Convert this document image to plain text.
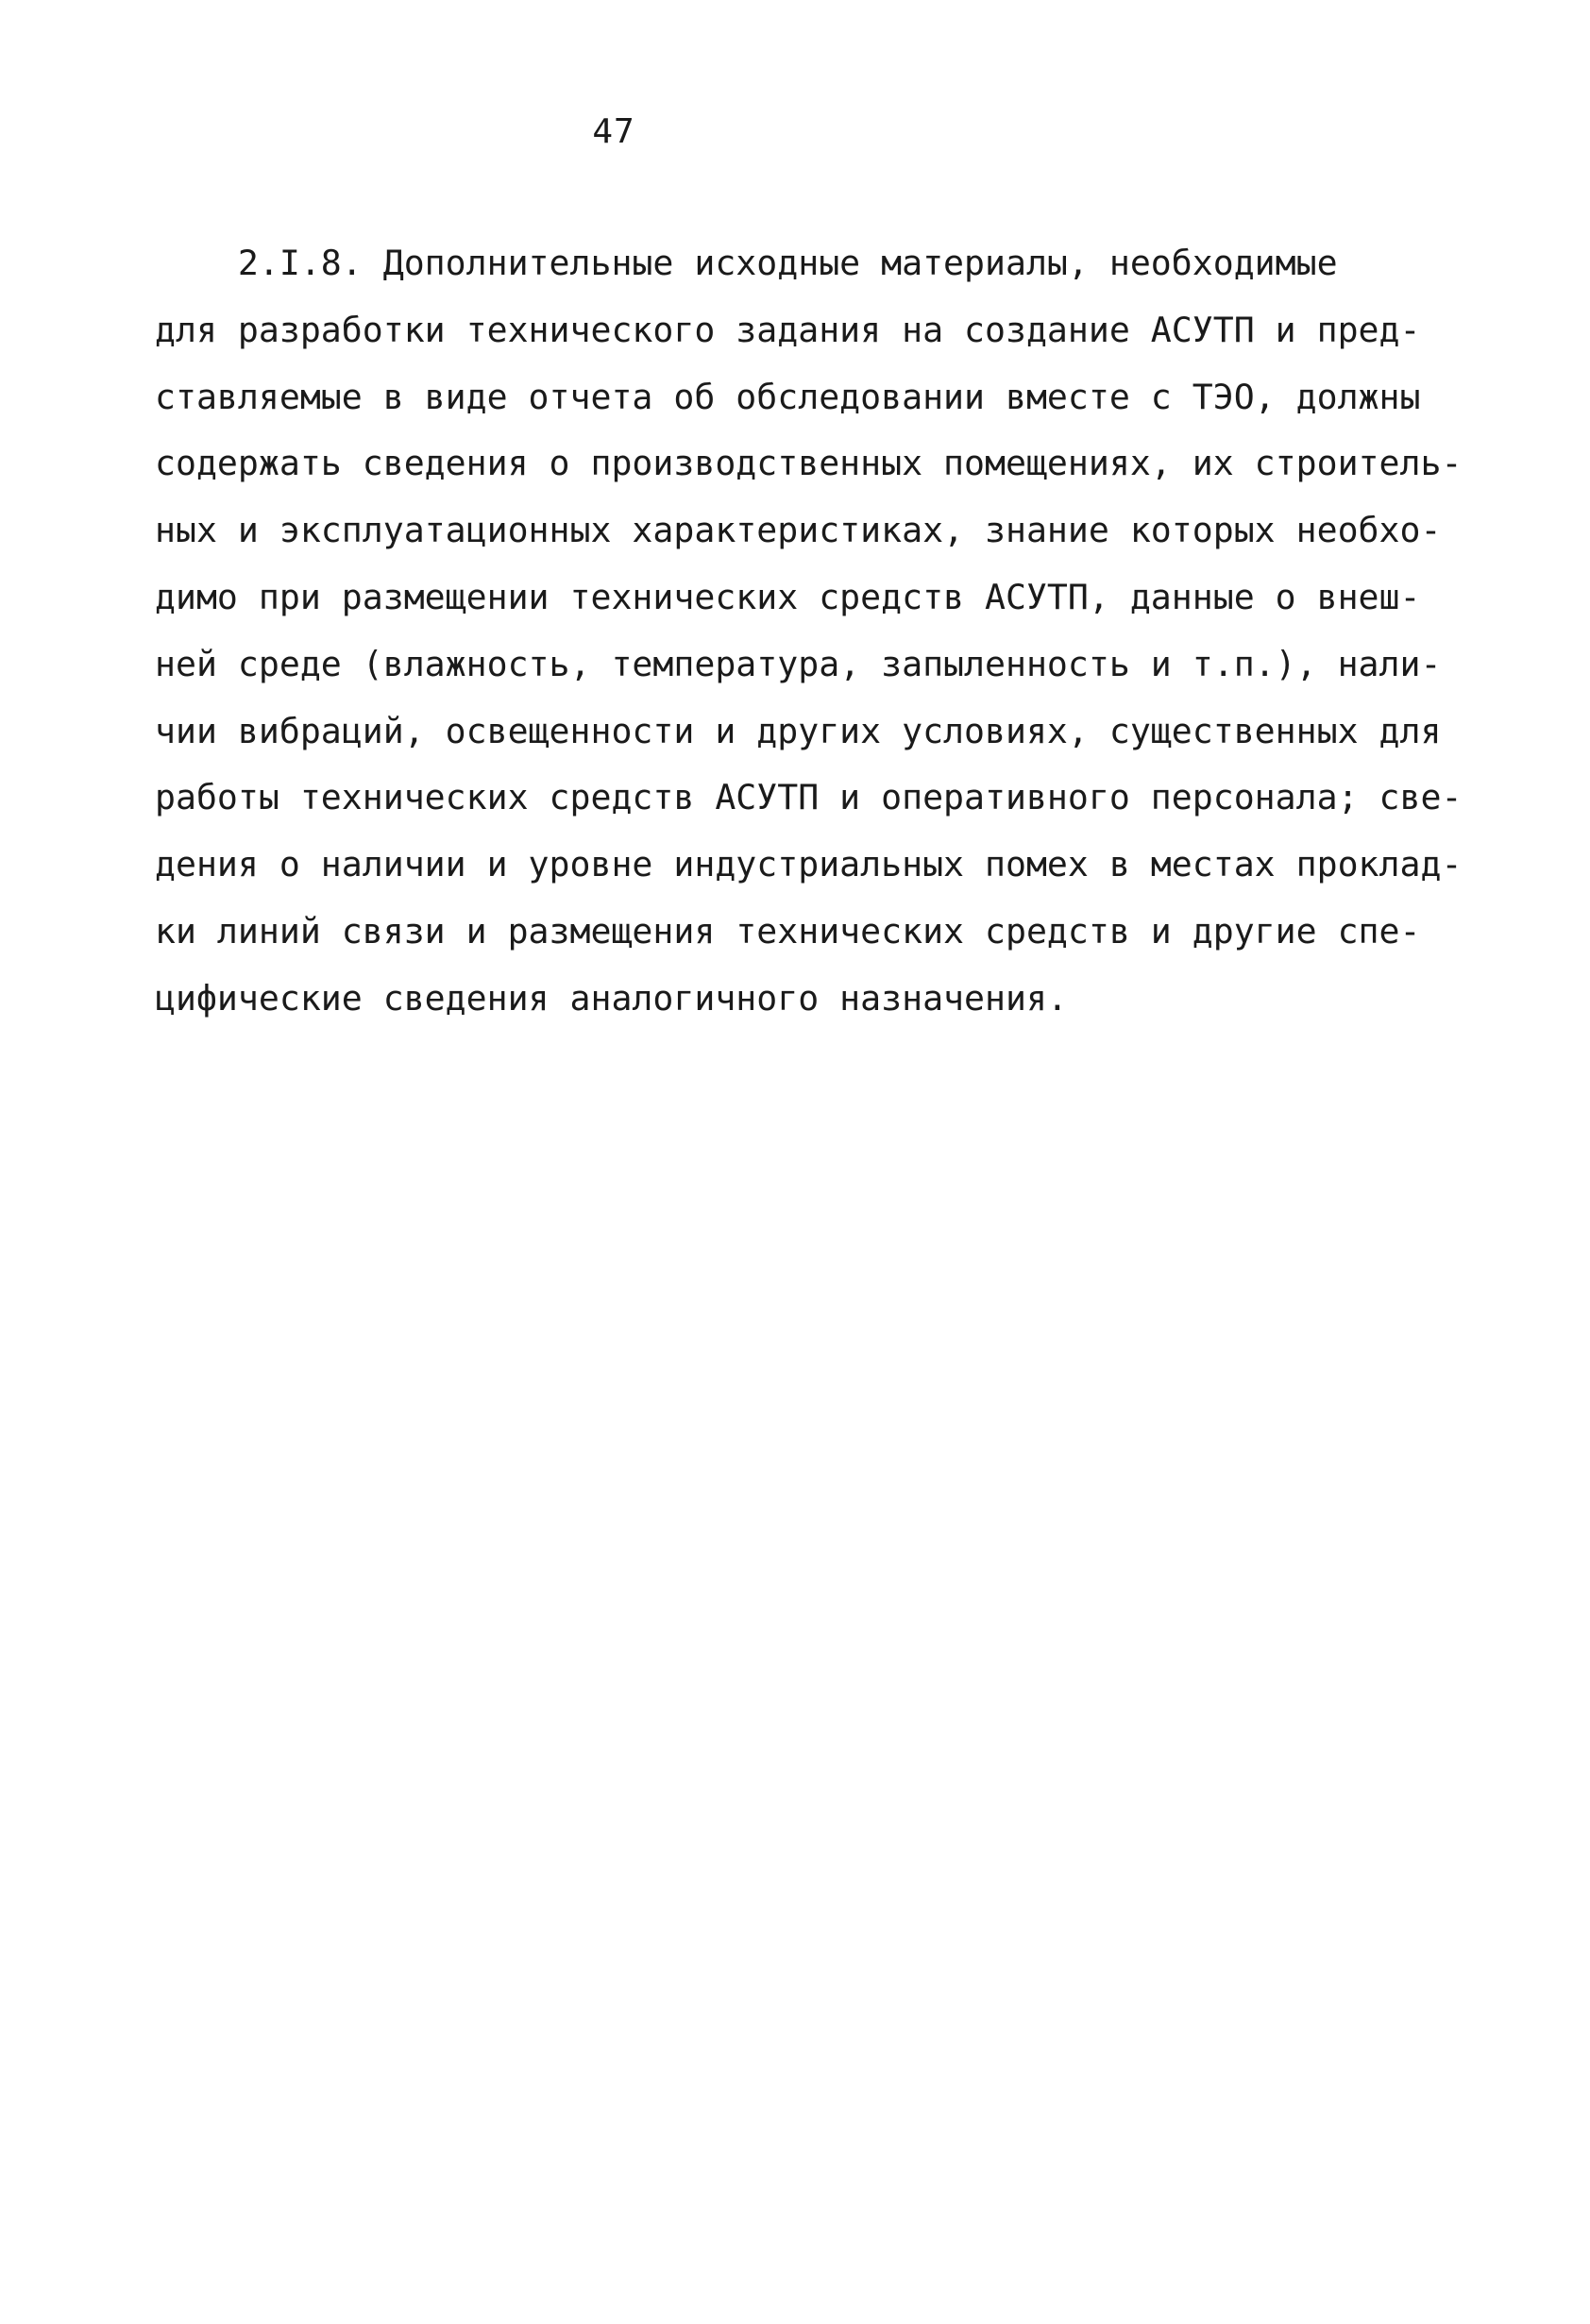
47
2.I.8. Дополнительные исходные материалы, необходимые
для разработки технического задания на создание АСУТП и пред-
ставляемые в виде отчета об обследовании вместе с ТЭО, должны
содержать сведения о производственных помещениях, их строитель-
ных и эксплуатационных характеристиках, знание которых необхо-
димо при размещении технических средств АСУТП, данные о внеш-
ней среде (влажность, температура, запыленность и т.п.), нали-
чии вибраций, освещенности и других условиях, существенных для
работы технических средств АСУТП и оперативного персонала; све-
дения о наличии и уровне индустриальных помех в местах проклад-
ки линий связи и размещения технических средств и другие спе-
цифические сведения аналогичного назначения.
